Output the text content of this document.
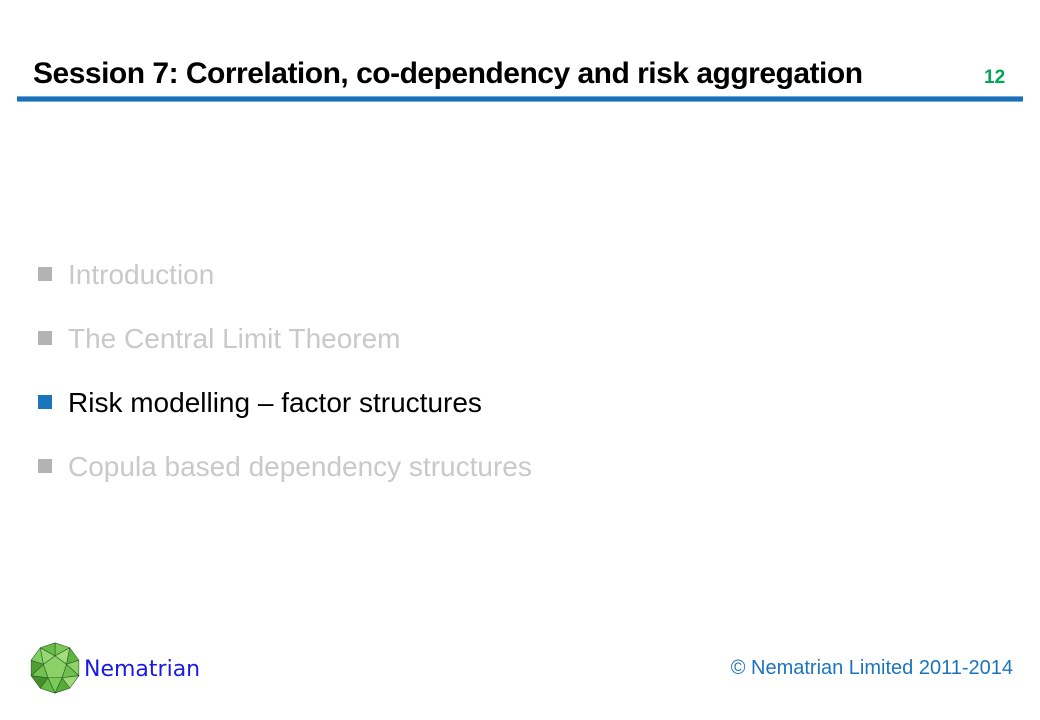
Session 7: Correlation, co-dependency and risk aggregation	12
Introduction
The Central Limit Theorem
Risk modelling – factor structures
Copula based dependency structures
Nematrian	© Nematrian Limited 2011-2014
